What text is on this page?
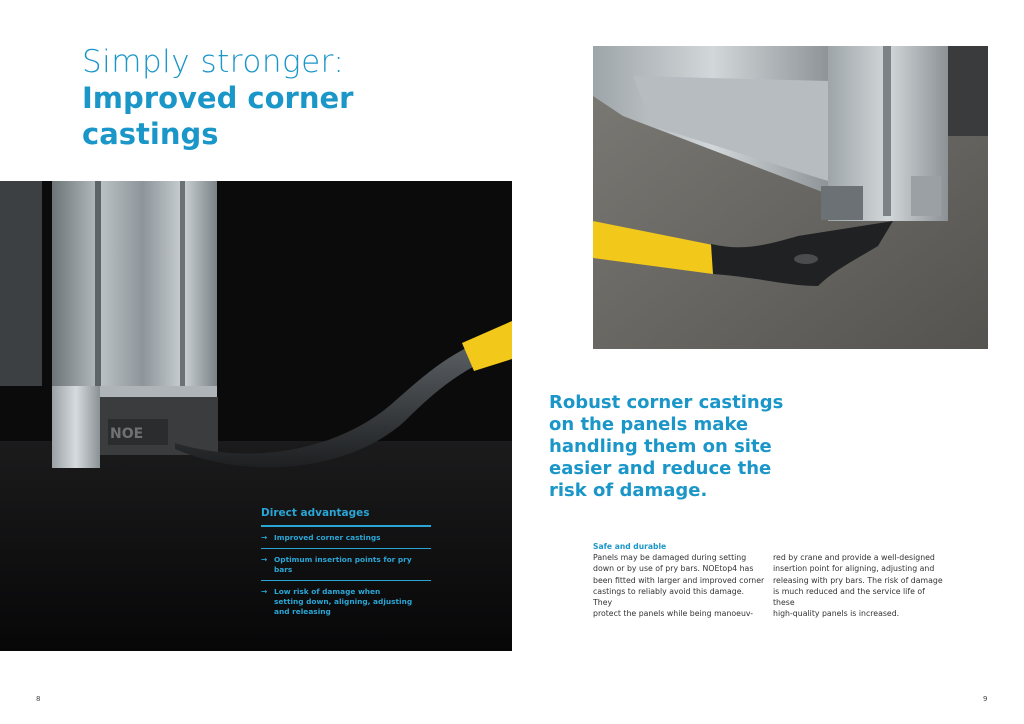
Simply stronger:
Improved corner
castings
NOE
Direct advantages
→ Improved corner castings
→ Optimum insertion points for pry bars
→ Low risk of damage when
setting down, aligning, adjusting
and releasing
Robust corner castings on the panels make handling them on site easier and reduce the risk of damage.
Safe and durable
Panels may be damaged during setting
down or by use of pry bars. NOEtop4 has
been fitted with larger and improved corner
castings to reliably avoid this damage. They
protect the panels while being manoeuv-
red by crane and provide a well-designed
insertion point for aligning, adjusting and
releasing with pry bars. The risk of damage
is much reduced and the service life of these
high-quality panels is increased.
8	9
